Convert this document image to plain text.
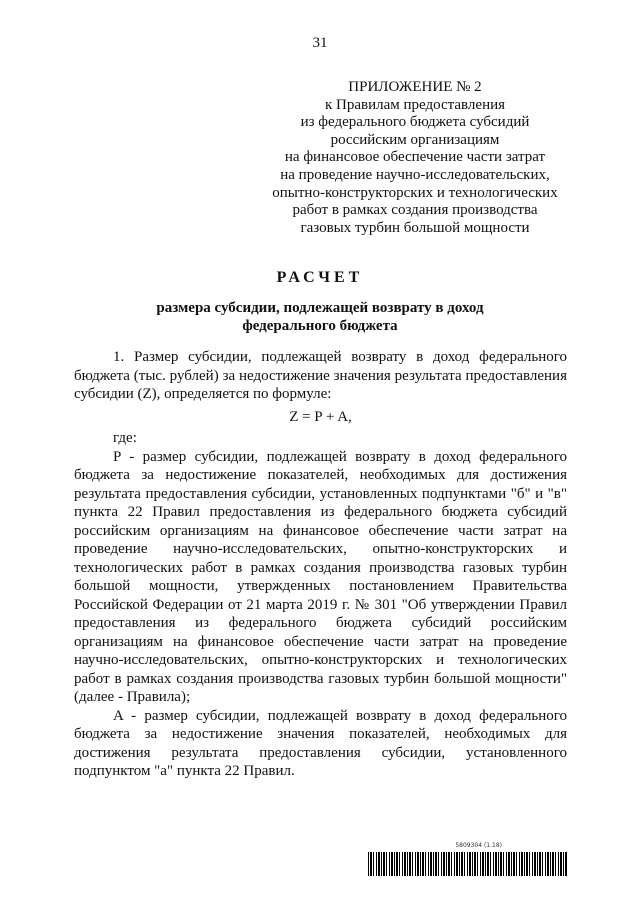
31
ПРИЛОЖЕНИЕ № 2
к Правилам предоставления
из федерального бюджета субсидий
российским организациям
на финансовое обеспечение части затрат
на проведение научно-исследовательских,
опытно-конструкторских и технологических
работ в рамках создания производства
газовых турбин большой мощности
РАСЧЕТ
размера субсидии, подлежащей возврату в доход
федерального бюджета

1. Размер субсидии, подлежащей возврату в доход федерального бюджета (тыс. рублей) за недостижение значения результата предоставления субсидии (Z), определяется по формуле:

Z = P + A,

где:

P - размер субсидии, подлежащей возврату в доход федерального бюджета за недостижение показателей, необходимых для достижения результата предоставления субсидии, установленных подпунктами "б" и "в" пункта 22 Правил предоставления из федерального бюджета субсидий российским организациям на финансовое обеспечение части затрат на проведение научно-исследовательских, опытно-конструкторских и технологических работ в рамках создания производства газовых турбин большой мощности, утвержденных постановлением Правительства Российской Федерации от 21 марта 2019 г. № 301 "Об утверждении Правил предоставления из федерального бюджета субсидий российским организациям на финансовое обеспечение части затрат на проведение научно-исследовательских, опытно-конструкторских и технологических работ в рамках создания производства газовых турбин большой мощности" (далее - Правила);

A - размер субсидии, подлежащей возврату в доход федерального бюджета за недостижение значения показателей, необходимых для достижения результата предоставления субсидии, установленного подпунктом "а" пункта 22 Правил.

5809304 (1.18)
